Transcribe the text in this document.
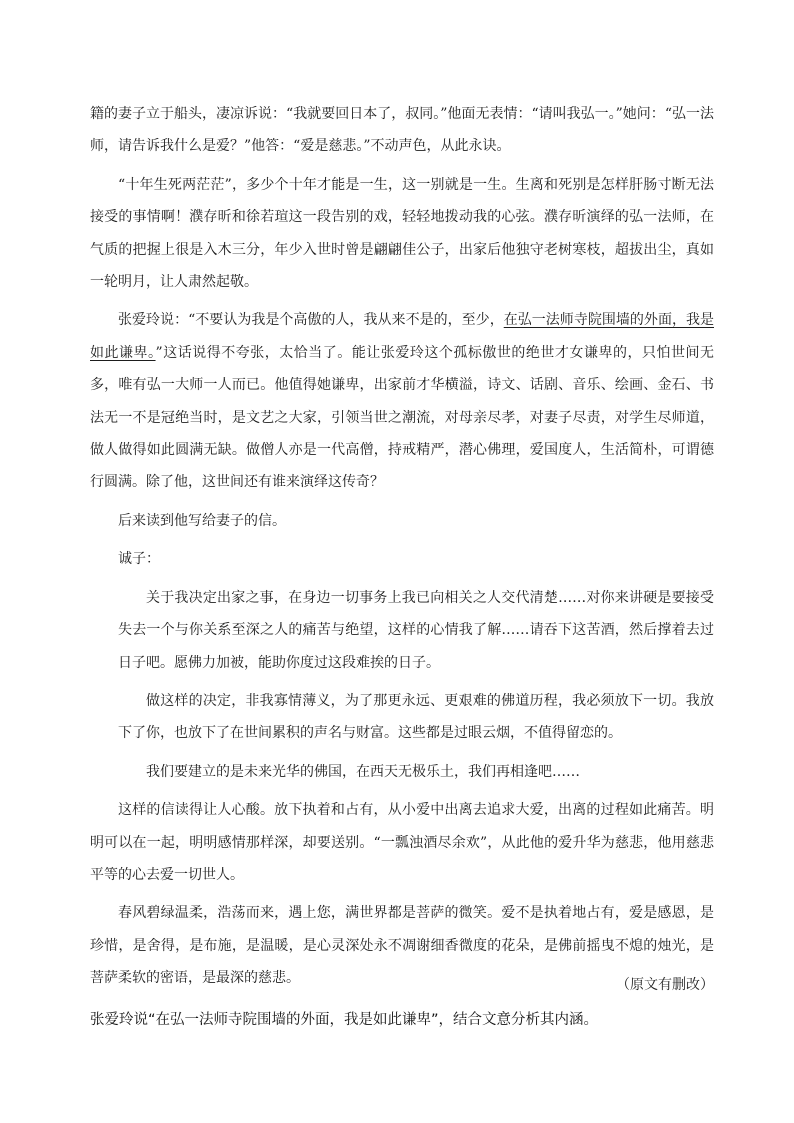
籍的妻子立于船头，凄凉诉说：“我就要回日本了，叔同。”他面无表情：“请叫我弘一。”她问：“弘一法师，请告诉我什么是爱？”他答：“爱是慈悲。”不动声色，从此永诀。

“十年生死两茫茫”，多少个十年才能是一生，这一别就是一生。生离和死别是怎样肝肠寸断无法接受的事情啊！濮存昕和徐若瑄这一段告别的戏，轻轻地拨动我的心弦。濮存昕演绎的弘一法师，在气质的把握上很是入木三分，年少入世时曾是翩翩佳公子，出家后他独守老树寒枝，超拔出尘，真如一轮明月，让人肃然起敬。

张爱玲说：“不要认为我是个高傲的人，我从来不是的，至少，在弘一法师寺院围墙的外面，我是如此谦卑。”这话说得不夸张，太恰当了。能让张爱玲这个孤标傲世的绝世才女谦卑的，只怕世间无多，唯有弘一大师一人而已。他值得她谦卑，出家前才华横溢，诗文、话剧、音乐、绘画、金石、书法无一不是冠绝当时，是文艺之大家，引领当世之潮流，对母亲尽孝，对妻子尽责，对学生尽师道，做人做得如此圆满无缺。做僧人亦是一代高僧，持戒精严，潜心佛理，爱国度人，生活简朴，可谓德行圆满。除了他，这世间还有谁来演绎这传奇？

后来读到他写给妻子的信。

诚子：

关于我决定出家之事，在身边一切事务上我已向相关之人交代清楚……对你来讲硬是要接受失去一个与你关系至深之人的痛苦与绝望，这样的心情我了解……请吞下这苦酒，然后撑着去过日子吧。愿佛力加被，能助你度过这段难挨的日子。

做这样的决定，非我寡情薄义，为了那更永远、更艰难的佛道历程，我必须放下一切。我放下了你，也放下了在世间累积的声名与财富。这些都是过眼云烟，不值得留恋的。

我们要建立的是未来光华的佛国，在西天无极乐土，我们再相逢吧……

这样的信读得让人心酸。放下执着和占有，从小爱中出离去追求大爱，出离的过程如此痛苦。明明可以在一起，明明感情那样深，却要送别。“一瓢浊酒尽余欢”，从此他的爱升华为慈悲，他用慈悲平等的心去爱一切世人。

春风碧绿温柔，浩荡而来，遇上您，满世界都是菩萨的微笑。爱不是执着地占有，爱是感恩，是珍惜，是舍得，是布施，是温暖，是心灵深处永不凋谢细香微度的花朵，是佛前摇曳不熄的烛光，是菩萨柔软的密语，是最深的慈悲。	（原文有删改）
张爱玲说“在弘一法师寺院围墙的外面，我是如此谦卑”，结合文意分析其内涵。
